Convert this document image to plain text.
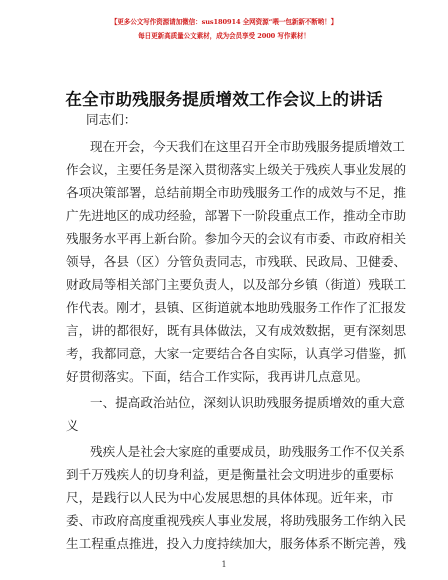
【更多公文写作资源请加微信：sus180914 全网资源“喂一包新新不断哟！】
每日更新高质量公文素材，成为会员享受 2000 写作素材！
在全市助残服务提质增效工作会议上的讲话
同志们：
现在开会，今天我们在这里召开全市助残服务提质增效工
作会议，主要任务是深入贯彻落实上级关于残疾人事业发展的
各项决策部署，总结前期全市助残服务工作的成效与不足，推
广先进地区的成功经验，部署下一阶段重点工作，推动全市助
残服务水平再上新台阶。参加今天的会议有市委、市政府相关
领导，各县（区）分管负责同志，市残联、民政局、卫健委、
财政局等相关部门主要负责人，以及部分乡镇（街道）残联工
作代表。刚才，县镇、区街道就本地助残服务工作作了汇报发
言，讲的都很好，既有具体做法，又有成效数据，更有深刻思
考，我都同意，大家一定要结合各自实际，认真学习借鉴，抓
好贯彻落实。下面，结合工作实际，我再讲几点意见。
一、提高政治站位，深刻认识助残服务提质增效的重大意
义
残疾人是社会大家庭的重要成员，助残服务工作不仅关系
到千万残疾人的切身利益，更是衡量社会文明进步的重要标
尺，是践行以人民为中心发展思想的具体体现。近年来，市
委、市政府高度重视残疾人事业发展，将助残服务工作纳入民
生工程重点推进，投入力度持续加大，服务体系不断完善，残
1
